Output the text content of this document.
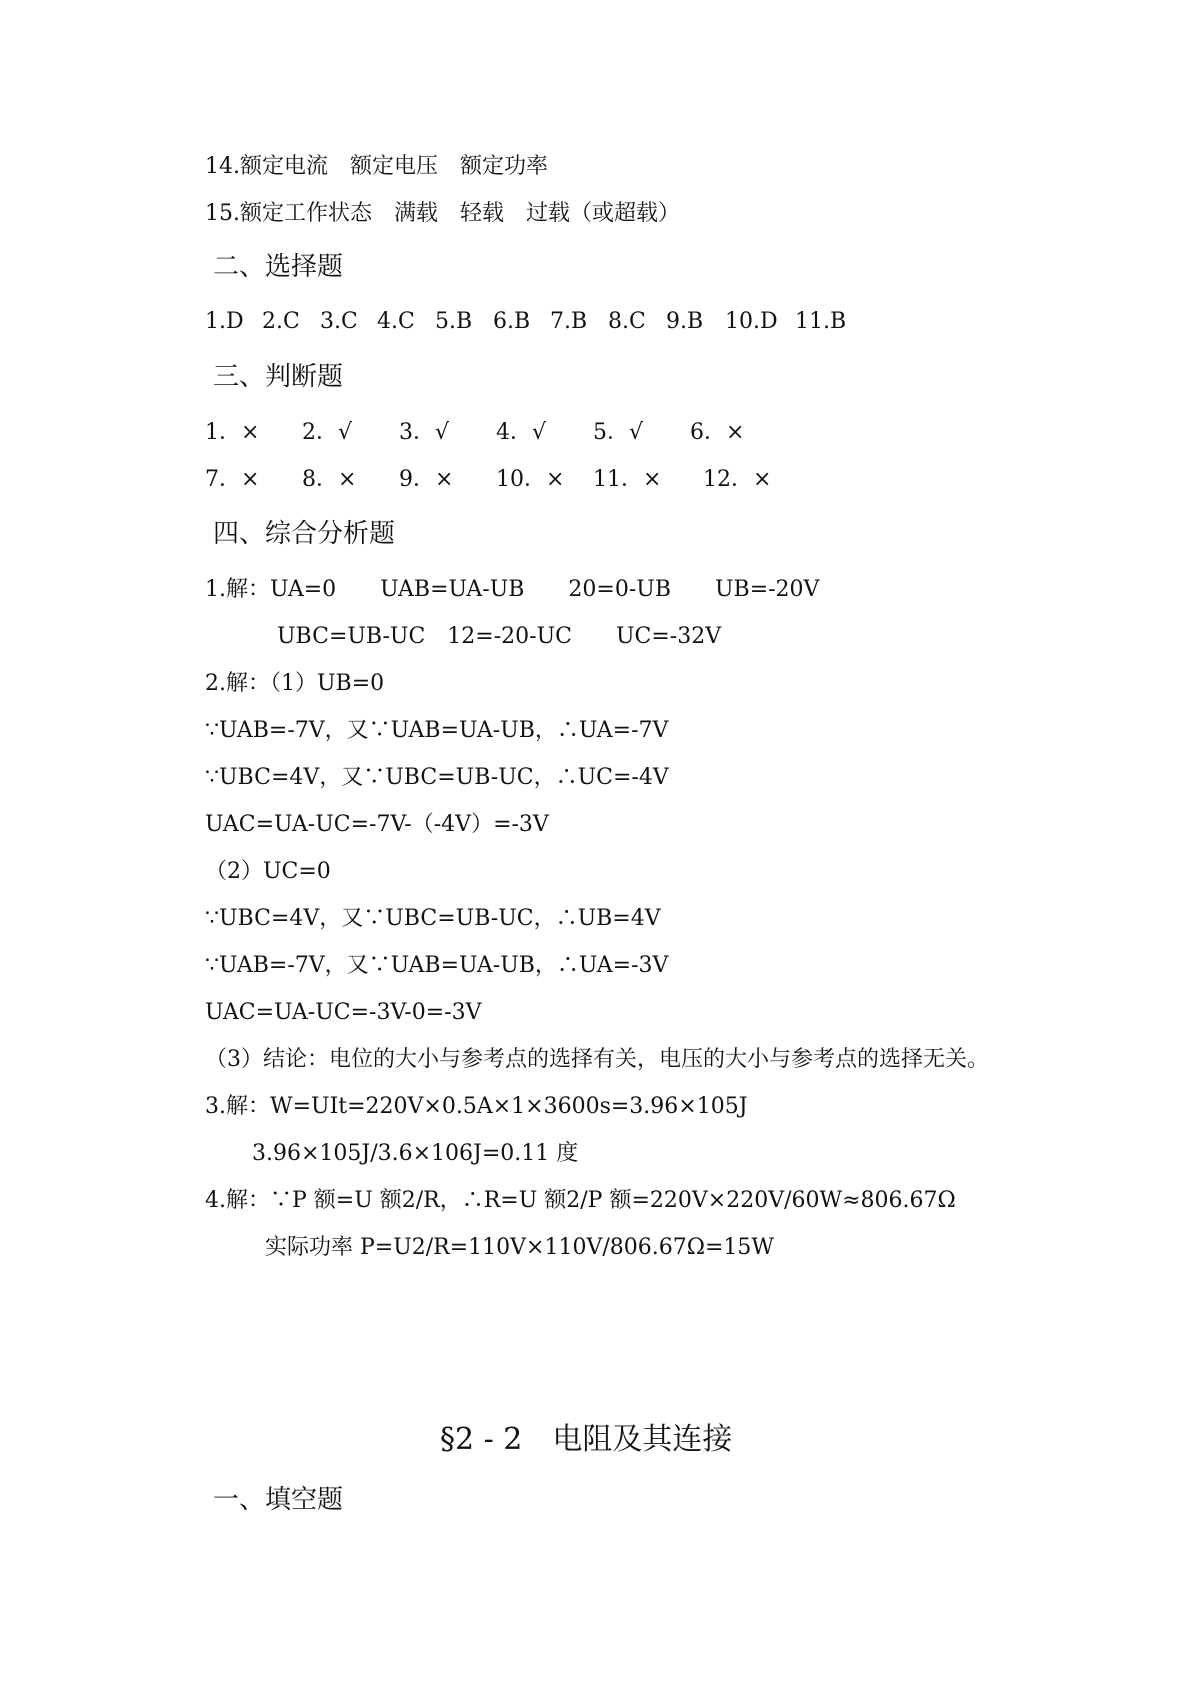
14.额定电流　额定电压　额定功率
15.额定工作状态　满载　轻载　过载（或超载）
二、选择题
1.D 2.C 3.C 4.C 5.B 6.B 7.B 8.C 9.B 10.D 11.B
三、判断题
1．× 2．√ 3．√ 4．√ 5．√ 6．×
7．× 8．× 9．× 10．× 11．× 12．×
四、综合分析题
1.解：UA=0　　UAB=UA-UB　　20=0-UB　　UB=-20V
UBC=UB-UC　12=-20-UC　　UC=-32V
2.解：（1）UB=0
∵UAB=-7V，又∵UAB=UA-UB，∴UA=-7V
∵UBC=4V，又∵UBC=UB-UC，∴UC=-4V
UAC=UA-UC=-7V-（-4V）=-3V
（2）UC=0
∵UBC=4V，又∵UBC=UB-UC，∴UB=4V
∵UAB=-7V，又∵UAB=UA-UB，∴UA=-3V
UAC=UA-UC=-3V-0=-3V
（3）结论：电位的大小与参考点的选择有关，电压的大小与参考点的选择无关。
3.解：W=UIt=220V×0.5A×1×3600s=3.96×105J
3.96×105J/3.6×106J=0.11 度
4.解：∵P 额=U 额2/R，∴R=U 额2/P 额=220V×220V/60W≈806.67Ω
实际功率 P=U2/R=110V×110V/806.67Ω=15W
§2 - 2　电阻及其连接
一、填空题
